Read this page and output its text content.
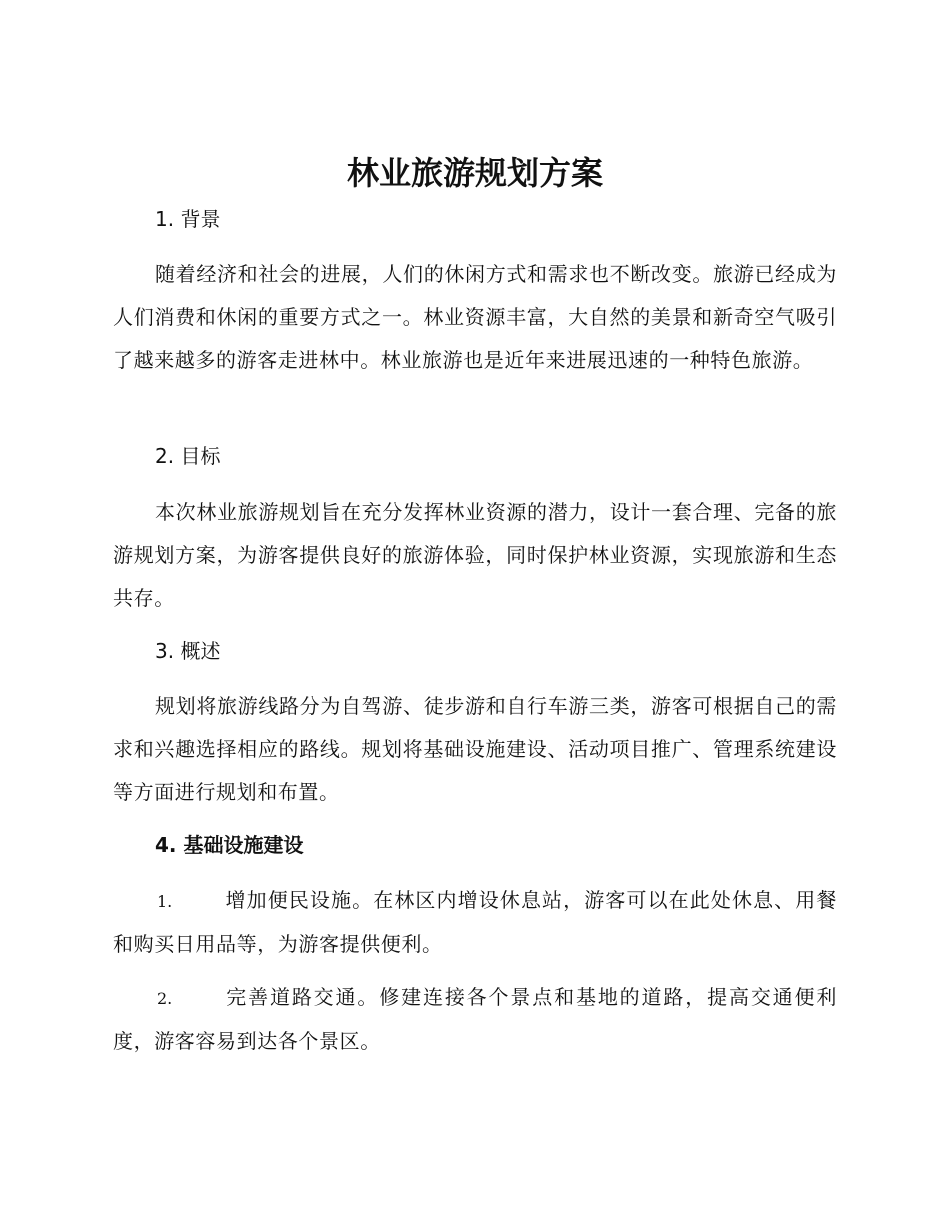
林业旅游规划方案
1. 背景

随着经济和社会的进展，人们的休闲方式和需求也不断改变。旅游已经成为人们消费和休闲的重要方式之一。林业资源丰富，大自然的美景和新奇空气吸引了越来越多的游客走进林中。林业旅游也是近年来进展迅速的一种特色旅游。

2. 目标

本次林业旅游规划旨在充分发挥林业资源的潜力，设计一套合理、完备的旅游规划方案，为游客提供良好的旅游体验，同时保护林业资源，实现旅游和生态共存。

3. 概述

规划将旅游线路分为自驾游、徒步游和自行车游三类，游客可根据自己的需求和兴趣选择相应的路线。规划将基础设施建设、活动项目推广、管理系统建设等方面进行规划和布置。

4. 基础设施建设
1.	增加便民设施。在林区内增设休息站，游客可以在此处休息、用餐和购买日用品等，为游客提供便利。
2.	完善道路交通。修建连接各个景点和基地的道路，提高交通便利度，游客容易到达各个景区。
